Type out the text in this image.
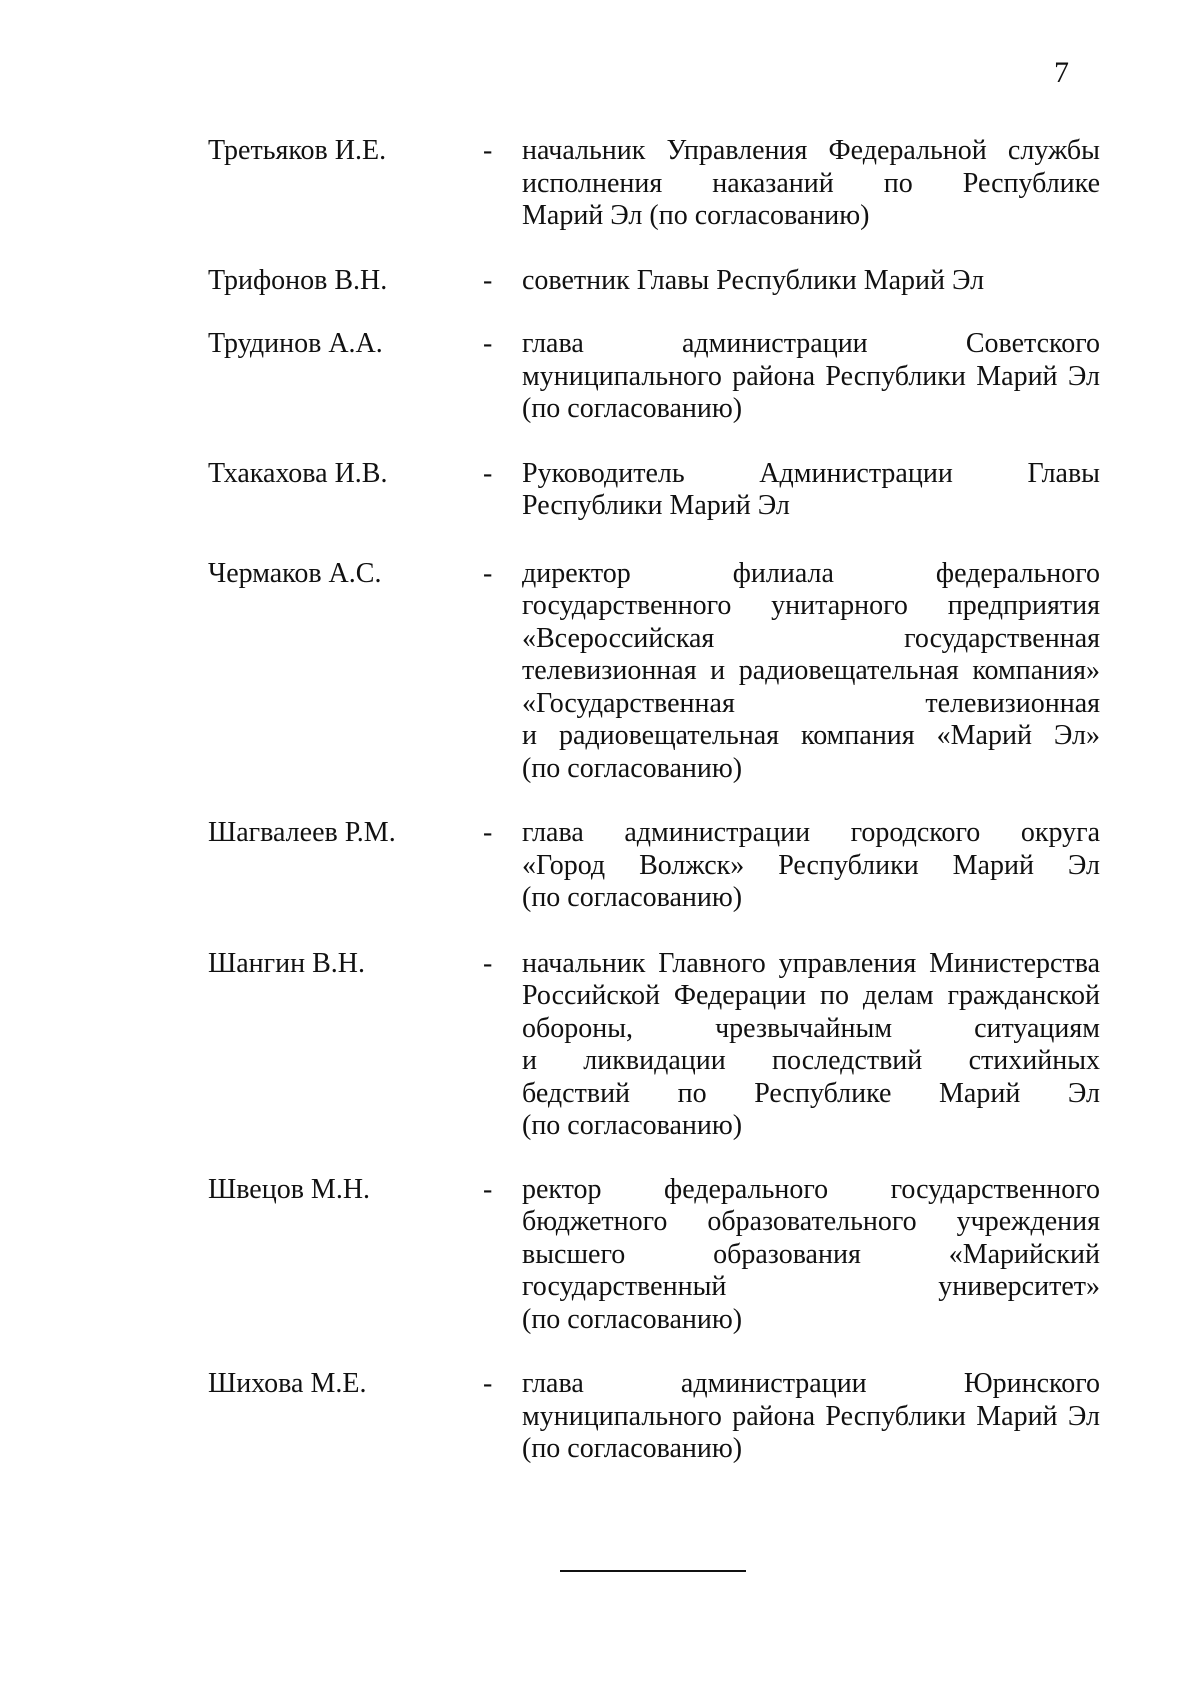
7
Третьяков И.Е.	- начальник Управления Федеральной службы
исполнения наказаний по Республике
Марий Эл (по согласованию)
Трифонов В.Н.	- советник Главы Республики Марий Эл
Трудинов А.А.	- глава администрации Советского
муниципального района Республики Марий Эл
(по согласованию)
Тхакахова И.В.	- Руководитель Администрации Главы
Республики Марий Эл
Чермаков А.С.	- директор филиала федерального
государственного унитарного предприятия
«Всероссийская государственная
телевизионная и радиовещательная компания»
«Государственная телевизионная
и радиовещательная компания «Марий Эл»
(по согласованию)
Шагвалеев Р.М.	- глава администрации городского округа
«Город Волжск» Республики Марий Эл
(по согласованию)
Шангин В.Н.	- начальник Главного управления Министерства
Российской Федерации по делам гражданской
обороны, чрезвычайным ситуациям
и ликвидации последствий стихийных
бедствий по Республике Марий Эл
(по согласованию)
Швецов М.Н.	- ректор федерального государственного
бюджетного образовательного учреждения
высшего образования «Марийский
государственный университет»
(по согласованию)
Шихова М.Е.	- глава администрации Юринского
муниципального района Республики Марий Эл
(по согласованию)
